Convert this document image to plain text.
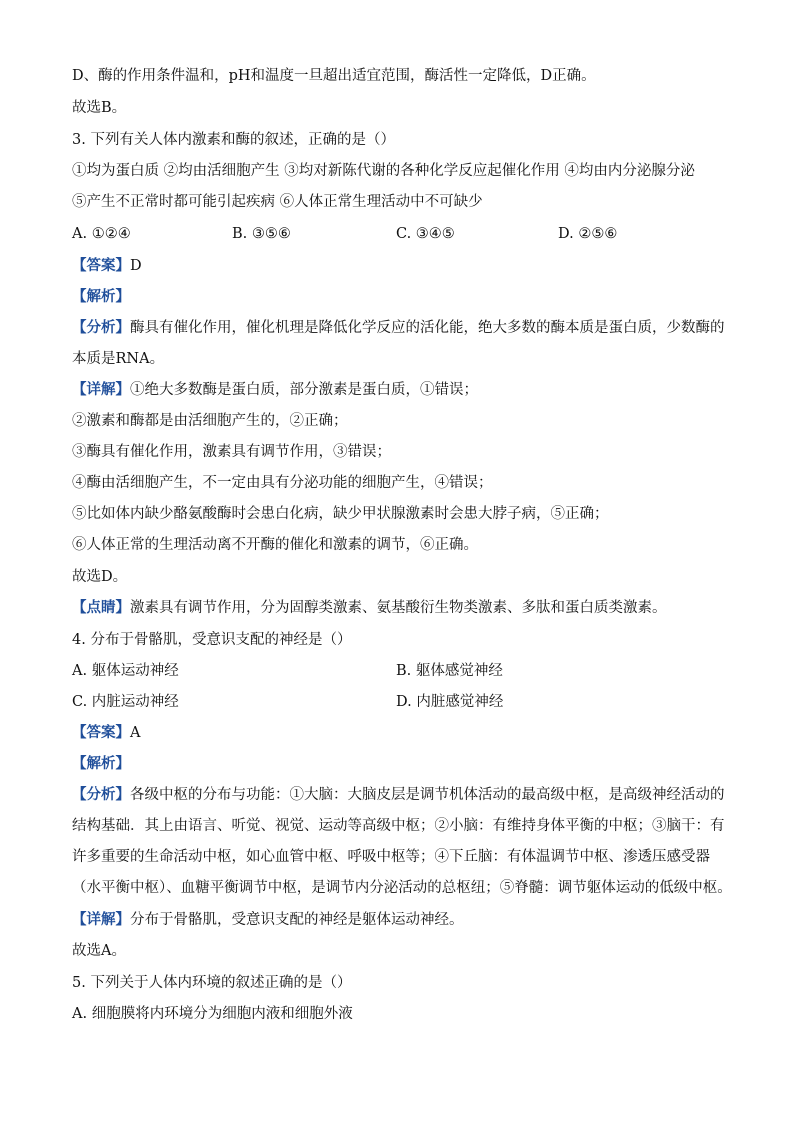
D、酶的作用条件温和，pH和温度一旦超出适宜范围，酶活性一定降低，D正确。
故选B。
3. 下列有关人体内激素和酶的叙述，正确的是（）
①均为蛋白质 ②均由活细胞产生 ③均对新陈代谢的各种化学反应起催化作用 ④均由内分泌腺分泌
⑤产生不正常时都可能引起疾病 ⑥人体正常生理活动中不可缺少
A. ①②④	B. ③⑤⑥	C. ③④⑤	D. ②⑤⑥
【答案】D
【解析】
【分析】酶具有催化作用，催化机理是降低化学反应的活化能，绝大多数的酶本质是蛋白质，少数酶的本质是RNA。
【详解】①绝大多数酶是蛋白质，部分激素是蛋白质，①错误；
②激素和酶都是由活细胞产生的，②正确；
③酶具有催化作用，激素具有调节作用，③错误；
④酶由活细胞产生，不一定由具有分泌功能的细胞产生，④错误；
⑤比如体内缺少酪氨酸酶时会患白化病，缺少甲状腺激素时会患大脖子病，⑤正确；
⑥人体正常的生理活动离不开酶的催化和激素的调节，⑥正确。
故选D。
【点睛】激素具有调节作用，分为固醇类激素、氨基酸衍生物类激素、多肽和蛋白质类激素。
4. 分布于骨骼肌，受意识支配的神经是（）
A. 躯体运动神经	B. 躯体感觉神经
C. 内脏运动神经	D. 内脏感觉神经
【答案】A
【解析】
【分析】各级中枢的分布与功能：①大脑：大脑皮层是调节机体活动的最高级中枢，是高级神经活动的结构基础．其上由语言、听觉、视觉、运动等高级中枢；②小脑：有维持身体平衡的中枢；③脑干：有许多重要的生命活动中枢，如心血管中枢、呼吸中枢等；④下丘脑：有体温调节中枢、渗透压感受器（水平衡中枢）、血糖平衡调节中枢，是调节内分泌活动的总枢纽；⑤脊髓：调节躯体运动的低级中枢。
【详解】分布于骨骼肌，受意识支配的神经是躯体运动神经。
故选A。
5. 下列关于人体内环境的叙述正确的是（）
A. 细胞膜将内环境分为细胞内液和细胞外液
